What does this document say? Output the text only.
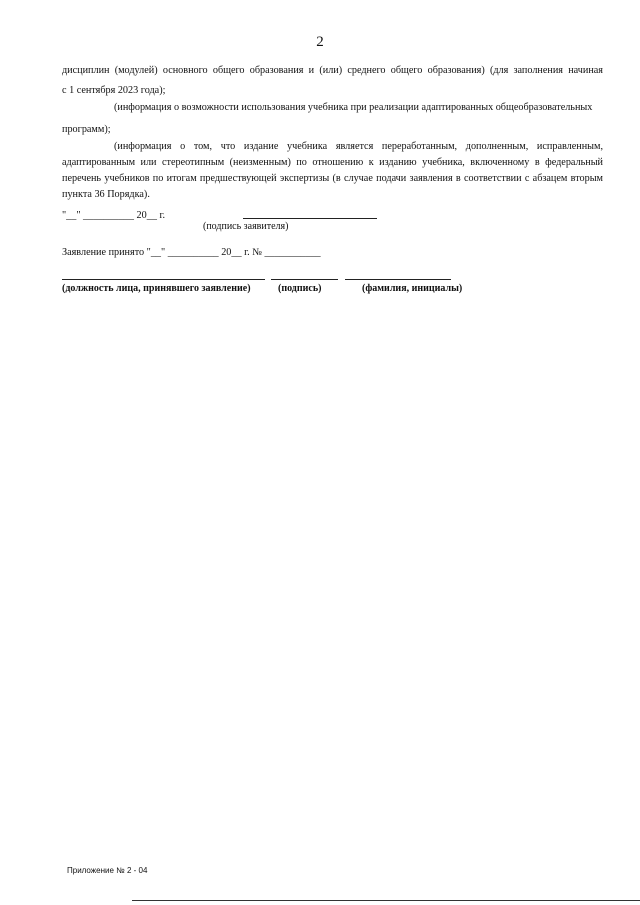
2
дисциплин (модулей) основного общего образования и (или) среднего общего образования) (для заполнения начиная
с 1 сентября 2023 года);
(информация о возможности использования учебника при реализации адаптированных общеобразовательных
программ);
(информация о том, что издание учебника является переработанным, дополненным, исправленным, адаптированным или стереотипным (неизменным) по отношению к изданию учебника, включенному в федеральный перечень учебников по итогам предшествующей экспертизы (в случае подачи заявления в соответствии с абзацем вторым пункта 36 Порядка).
"__" __________ 20__ г.
(подпись заявителя)
Заявление принято "__" __________ 20__ г. № ___________
(должность лица, принявшего заявление)	(подпись)	(фамилия, инициалы)
Приложение № 2 - 04
